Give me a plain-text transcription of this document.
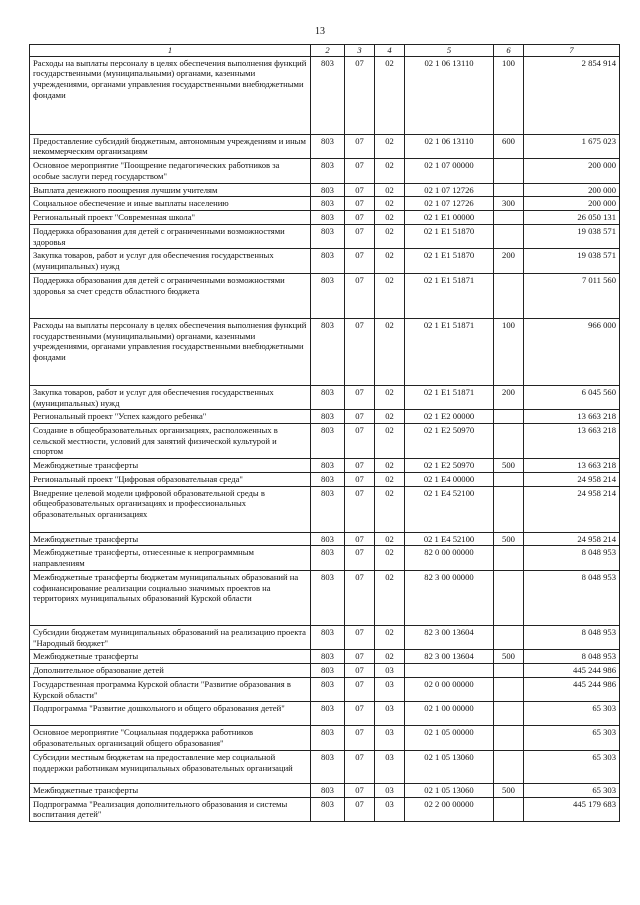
13
1	2	3	4	5	6	7
Расходы на выплаты персоналу в целях обеспечения выполнения функций государственными (муниципальными) органами, казенными учреждениями, органами управления государственными внебюджетными фондами	803	07	02	02 1 06 13110	100	2 854 914
Предоставление субсидий бюджетным, автономным учреждениям и иным некоммерческим организациям	803	07	02	02 1 06 13110	600	1 675 023
Основное мероприятие "Поощрение педагогических работников за особые заслуги перед государством"	803	07	02	02 1 07 00000		200 000
Выплата денежного поощрения лучшим учителям	803	07	02	02 1 07 12726		200 000
Социальное обеспечение и иные выплаты населению	803	07	02	02 1 07 12726	300	200 000
Региональный проект "Современная школа"	803	07	02	02 1 E1 00000		26 050 131
Поддержка образования для детей с ограниченными возможностями здоровья	803	07	02	02 1 E1 51870		19 038 571
Закупка товаров, работ и услуг для обеспечения государственных (муниципальных) нужд	803	07	02	02 1 E1 51870	200	19 038 571
Поддержка образования для детей с ограниченными возможностями здоровья за счет средств областного бюджета	803	07	02	02 1 E1 51871		7 011 560
Расходы на выплаты персоналу в целях обеспечения выполнения функций государственными (муниципальными) органами, казенными учреждениями, органами управления государственными внебюджетными фондами	803	07	02	02 1 E1 51871	100	966 000
Закупка товаров, работ и услуг для обеспечения государственных (муниципальных) нужд	803	07	02	02 1 E1 51871	200	6 045 560
Региональный проект "Успех каждого ребенка"	803	07	02	02 1 E2 00000		13 663 218
Создание в общеобразовательных организациях, расположенных в сельской местности, условий для занятий физической культурой и спортом	803	07	02	02 1 E2 50970		13 663 218
Межбюджетные трансферты	803	07	02	02 1 E2 50970	500	13 663 218
Региональный проект "Цифровая образовательная среда"	803	07	02	02 1 E4 00000		24 958 214
Внедрение целевой модели цифровой образовательной среды в общеобразовательных организациях и профессиональных образовательных организациях	803	07	02	02 1 E4 52100		24 958 214
Межбюджетные трансферты	803	07	02	02 1 E4 52100	500	24 958 214
Межбюджетные трансферты, отнесенные к непрограммным направлениям	803	07	02	82 0 00 00000		8 048 953
Межбюджетные трансферты бюджетам муниципальных образований на софинансирование реализации социально значимых проектов на территориях муниципальных образований Курской области	803	07	02	82 3 00 00000		8 048 953
Субсидии бюджетам муниципальных образований на реализацию проекта "Народный бюджет"	803	07	02	82 3 00 13604		8 048 953
Межбюджетные трансферты	803	07	02	82 3 00 13604	500	8 048 953
Дополнительное образование детей	803	07	03			445 244 986
Государственная программа Курской области "Развитие образования в Курской области"	803	07	03	02 0 00 00000		445 244 986
Подпрограмма "Развитие дошкольного и общего образования детей"	803	07	03	02 1 00 00000		65 303
Основное мероприятие "Социальная поддержка работников образовательных организаций общего образования"	803	07	03	02 1 05 00000		65 303
Субсидии местным бюджетам на предоставление мер социальной поддержки работникам муниципальных образовательных организаций	803	07	03	02 1 05 13060		65 303
Межбюджетные трансферты	803	07	03	02 1 05 13060	500	65 303
Подпрограмма "Реализация дополнительного образования и системы воспитания детей"	803	07	03	02 2 00 00000		445 179 683
